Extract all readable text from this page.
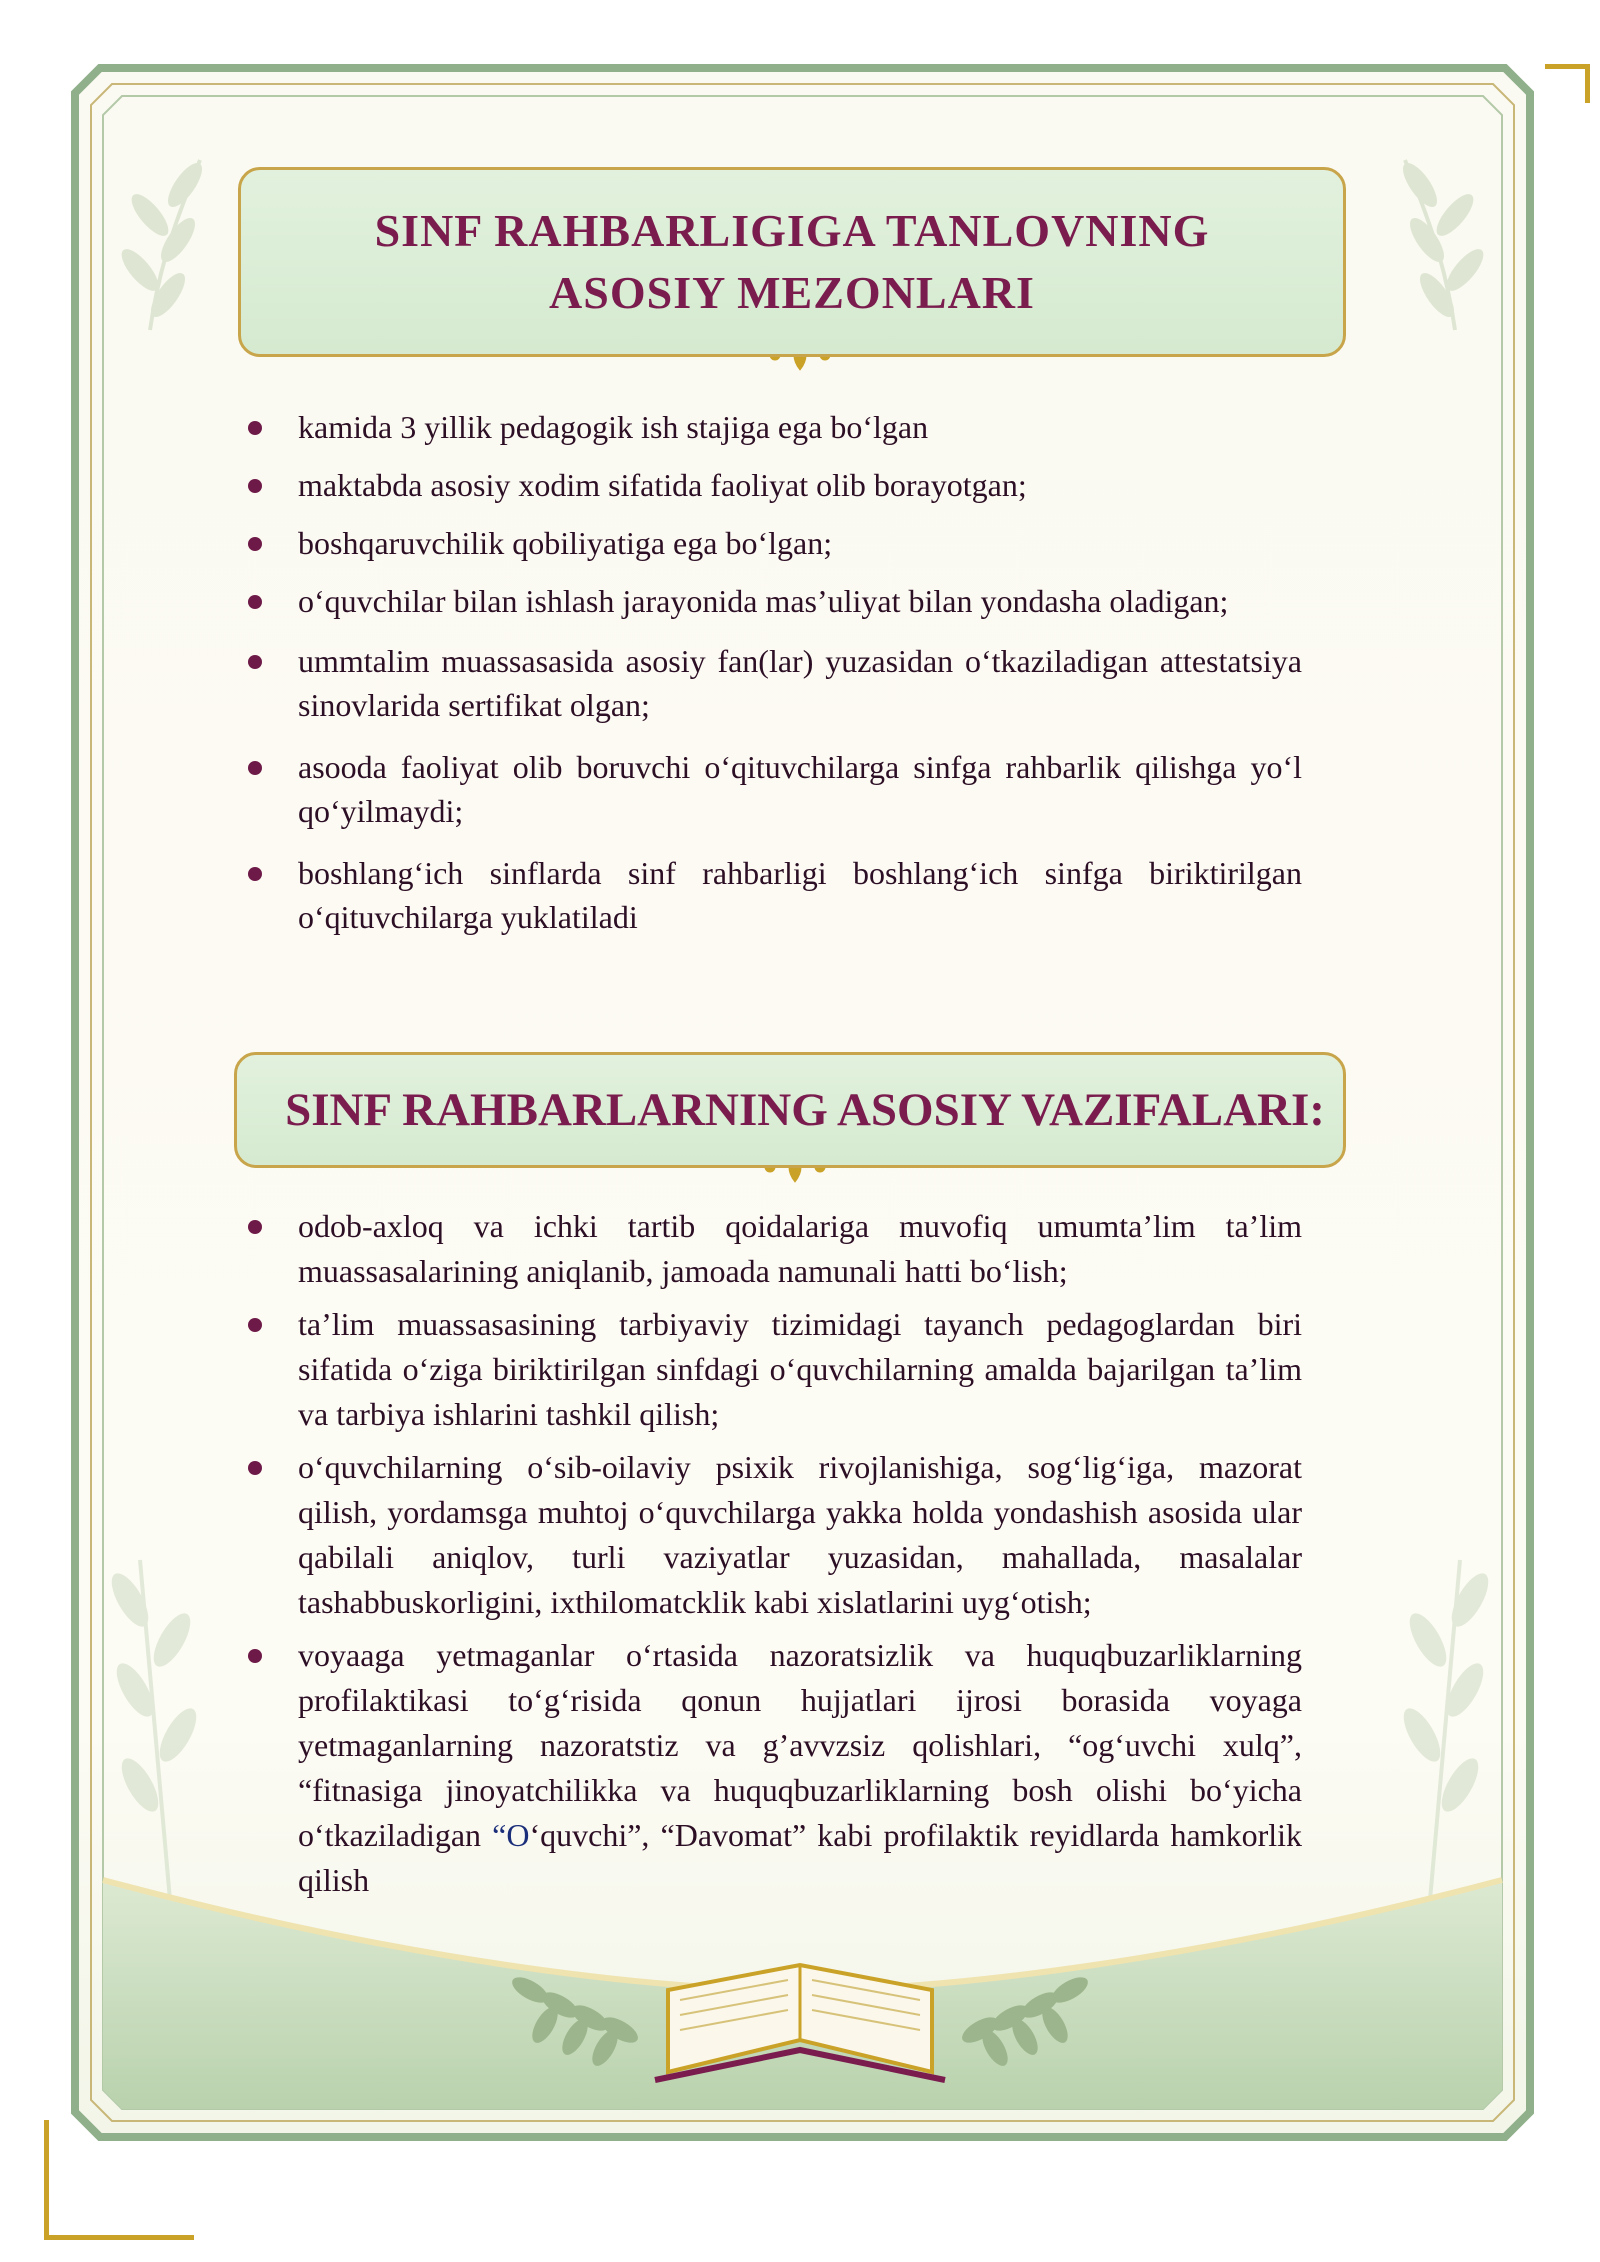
SINF RAHBARLIGIGA TANLOVNING
ASOSIY MEZONLARI
kamida 3 yillik pedagogik ish stajiga ega bo‘lgan
maktabda asosiy xodim sifatida faoliyat olib borayotgan;
boshqaruvchilik qobiliyatiga ega bo‘lgan;
o‘quvchilar bilan ishlash jarayonida mas’uliyat bilan yondasha oladigan;
ummtalim muassasasida asosiy fan(lar) yuzasidan o‘tkaziladigan attestatsiya sinovlarida sertifikat olgan;
asooda faoliyat olib boruvchi o‘qituvchilarga sinfga rahbarlik qilishga yo‘l qo‘yilmaydi;
boshlang‘ich sinflarda sinf rahbarligi boshlang‘ich sinfga biriktirilgan o‘qituvchilarga yuklatiladi
SINF RAHBARLARNING ASOSIY VAZIFALARI:
odob-axloq va ichki tartib qoidalariga muvofiq umumta’lim ta’lim muassasalarining aniqlanib, jamoada namunali hatti bo‘lish;
ta’lim muassasasining tarbiyaviy tizimidagi tayanch pedagoglardan biri sifatida o‘ziga biriktirilgan sinfdagi o‘quvchilarning amalda bajarilgan ta’lim va tarbiya ishlarini tashkil qilish;
o‘quvchilarning o‘sib-oilaviy psixik rivojlanishiga, sog‘lig‘iga, mazorat qilish, yordamsga muhtoj o‘quvchilarga yakka holda yondashish asosida ular qabilali aniqlov, turli vaziyatlar yuzasidan, mahallada, masalalar tashabbuskorligini, ixthilomatcklik kabi xislatlarini uyg‘otish;
voyaaga yetmaganlar o‘rtasida nazoratsizlik va huquqbuzarliklarning profilaktikasi to‘g‘risida qonun hujjatlari ijrosi borasida voyaga yetmaganlarning nazoratstiz va g’avvzsiz qolishlari, “og‘uvchi xulq”, “fitnasiga jinoyatchilikka va huquqbuzarliklarning bosh olishi bo‘yicha o‘tkaziladigan “O‘quvchi”, “Davomat” kabi profilaktik reyidlarda hamkorlik qilish
